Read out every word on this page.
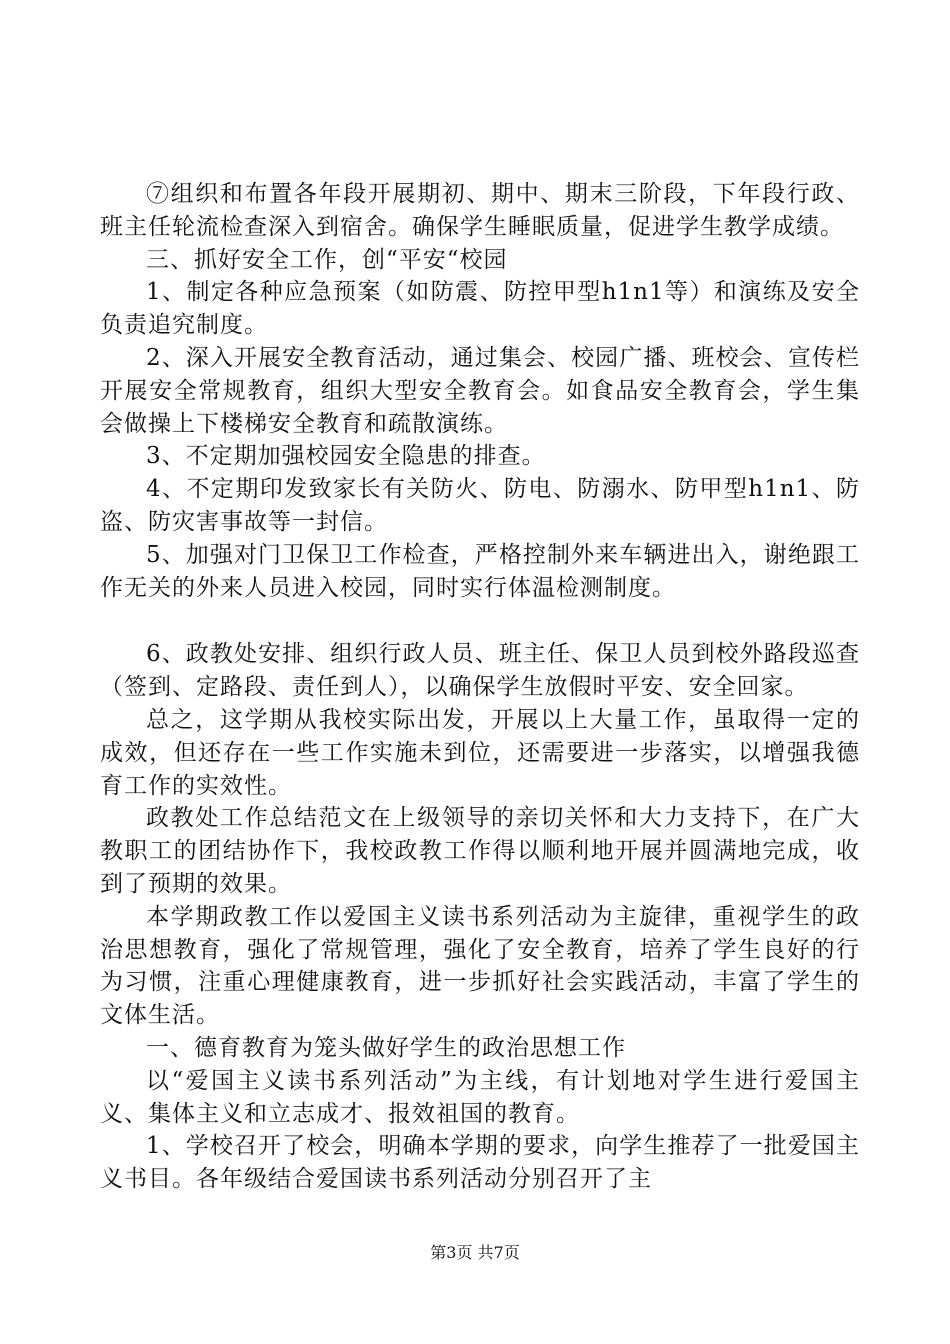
⑦组织和布置各年段开展期初、期中、期末三阶段，下年段行政、班主任轮流检查深入到宿舍。确保学生睡眠质量，促进学生教学成绩。

三、抓好安全工作，创“平安“校园

1、制定各种应急预案（如防震、防控甲型h1n1等）和演练及安全负责追究制度。

2、深入开展安全教育活动，通过集会、校园广播、班校会、宣传栏开展安全常规教育，组织大型安全教育会。如食品安全教育会，学生集会做操上下楼梯安全教育和疏散演练。

3、不定期加强校园安全隐患的排查。

4、不定期印发致家长有关防火、防电、防溺水、防甲型h1n1、防盗、防灾害事故等一封信。

5、加强对门卫保卫工作检查，严格控制外来车辆进出入，谢绝跟工作无关的外来人员进入校园，同时实行体温检测制度。

6、政教处安排、组织行政人员、班主任、保卫人员到校外路段巡查（签到、定路段、责任到人），以确保学生放假时平安、安全回家。

总之，这学期从我校实际出发，开展以上大量工作，虽取得一定的成效，但还存在一些工作实施未到位，还需要进一步落实，以增强我德育工作的实效性。

政教处工作总结范文在上级领导的亲切关怀和大力支持下，在广大教职工的团结协作下，我校政教工作得以顺利地开展并圆满地完成，收到了预期的效果。

本学期政教工作以爱国主义读书系列活动为主旋律，重视学生的政治思想教育，强化了常规管理，强化了安全教育，培养了学生良好的行为习惯，注重心理健康教育，进一步抓好社会实践活动，丰富了学生的文体生活。

一、德育教育为笼头做好学生的政治思想工作

以“爱国主义读书系列活动”为主线，有计划地对学生进行爱国主义、集体主义和立志成才、报效祖国的教育。

1、学校召开了校会，明确本学期的要求，向学生推荐了一批爱国主义书目。各年级结合爱国读书系列活动分别召开了主

第3页 共7页
